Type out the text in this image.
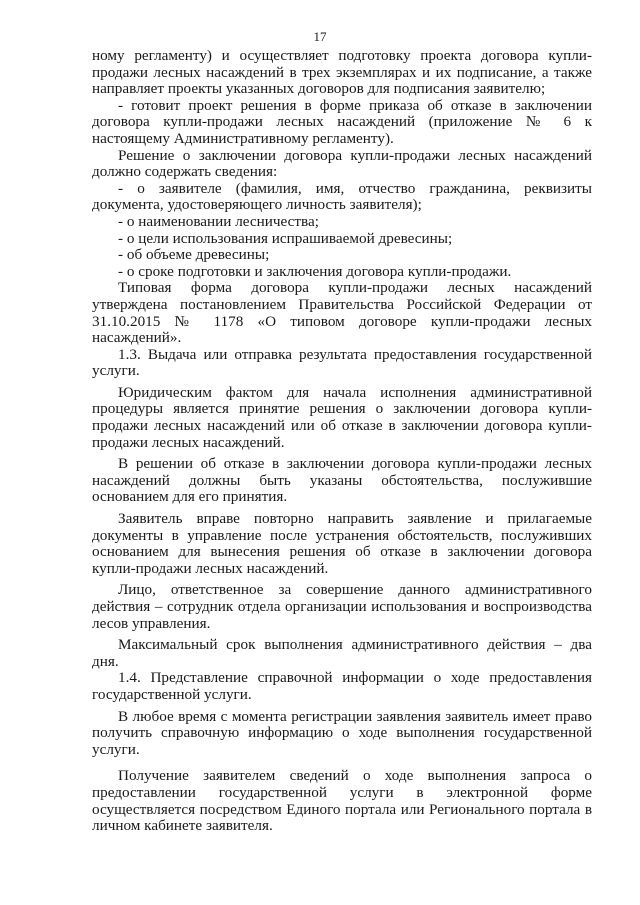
17

ному регламенту) и осуществляет подготовку проекта договора купли-продажи лесных насаждений в трех экземплярах и их подписание, а также направляет проекты указанных договоров для подписания заявителю;

- готовит проект решения в форме приказа об отказе в заключении договора купли-продажи лесных насаждений (приложение № 6 к настоящему Административному регламенту).

Решение о заключении договора купли-продажи лесных насаждений должно содержать сведения:

- о заявителе (фамилия, имя, отчество гражданина, реквизиты документа, удостоверяющего личность заявителя);

- о наименовании лесничества;

- о цели использования испрашиваемой древесины;

- об объеме древесины;

- о сроке подготовки и заключения договора купли-продажи.

Типовая форма договора купли-продажи лесных насаждений утверждена постановлением Правительства Российской Федерации от 31.10.2015 № 1178 «О типовом договоре купли-продажи лесных насаждений».

1.3. Выдача или отправка результата предоставления государственной услуги.

Юридическим фактом для начала исполнения административной процедуры является принятие решения о заключении договора купли-продажи лесных насаждений или об отказе в заключении договора купли-продажи лесных насаждений.

В решении об отказе в заключении договора купли-продажи лесных насаждений должны быть указаны обстоятельства, послужившие основанием для его принятия.

Заявитель вправе повторно направить заявление и прилагаемые документы в управление после устранения обстоятельств, послуживших основанием для вынесения решения об отказе в заключении договора купли-продажи лесных насаждений.

Лицо, ответственное за совершение данного административного действия – сотрудник отдела организации использования и воспроизводства лесов управления.

Максимальный срок выполнения административного действия – два дня.

1.4. Представление справочной информации о ходе предоставления государственной услуги.

В любое время с момента регистрации заявления заявитель имеет право получить справочную информацию о ходе выполнения государственной услуги.

Получение заявителем сведений о ходе выполнения запроса о предоставлении государственной услуги в электронной форме осуществляется посредством Единого портала или Регионального портала в личном кабинете заявителя.
